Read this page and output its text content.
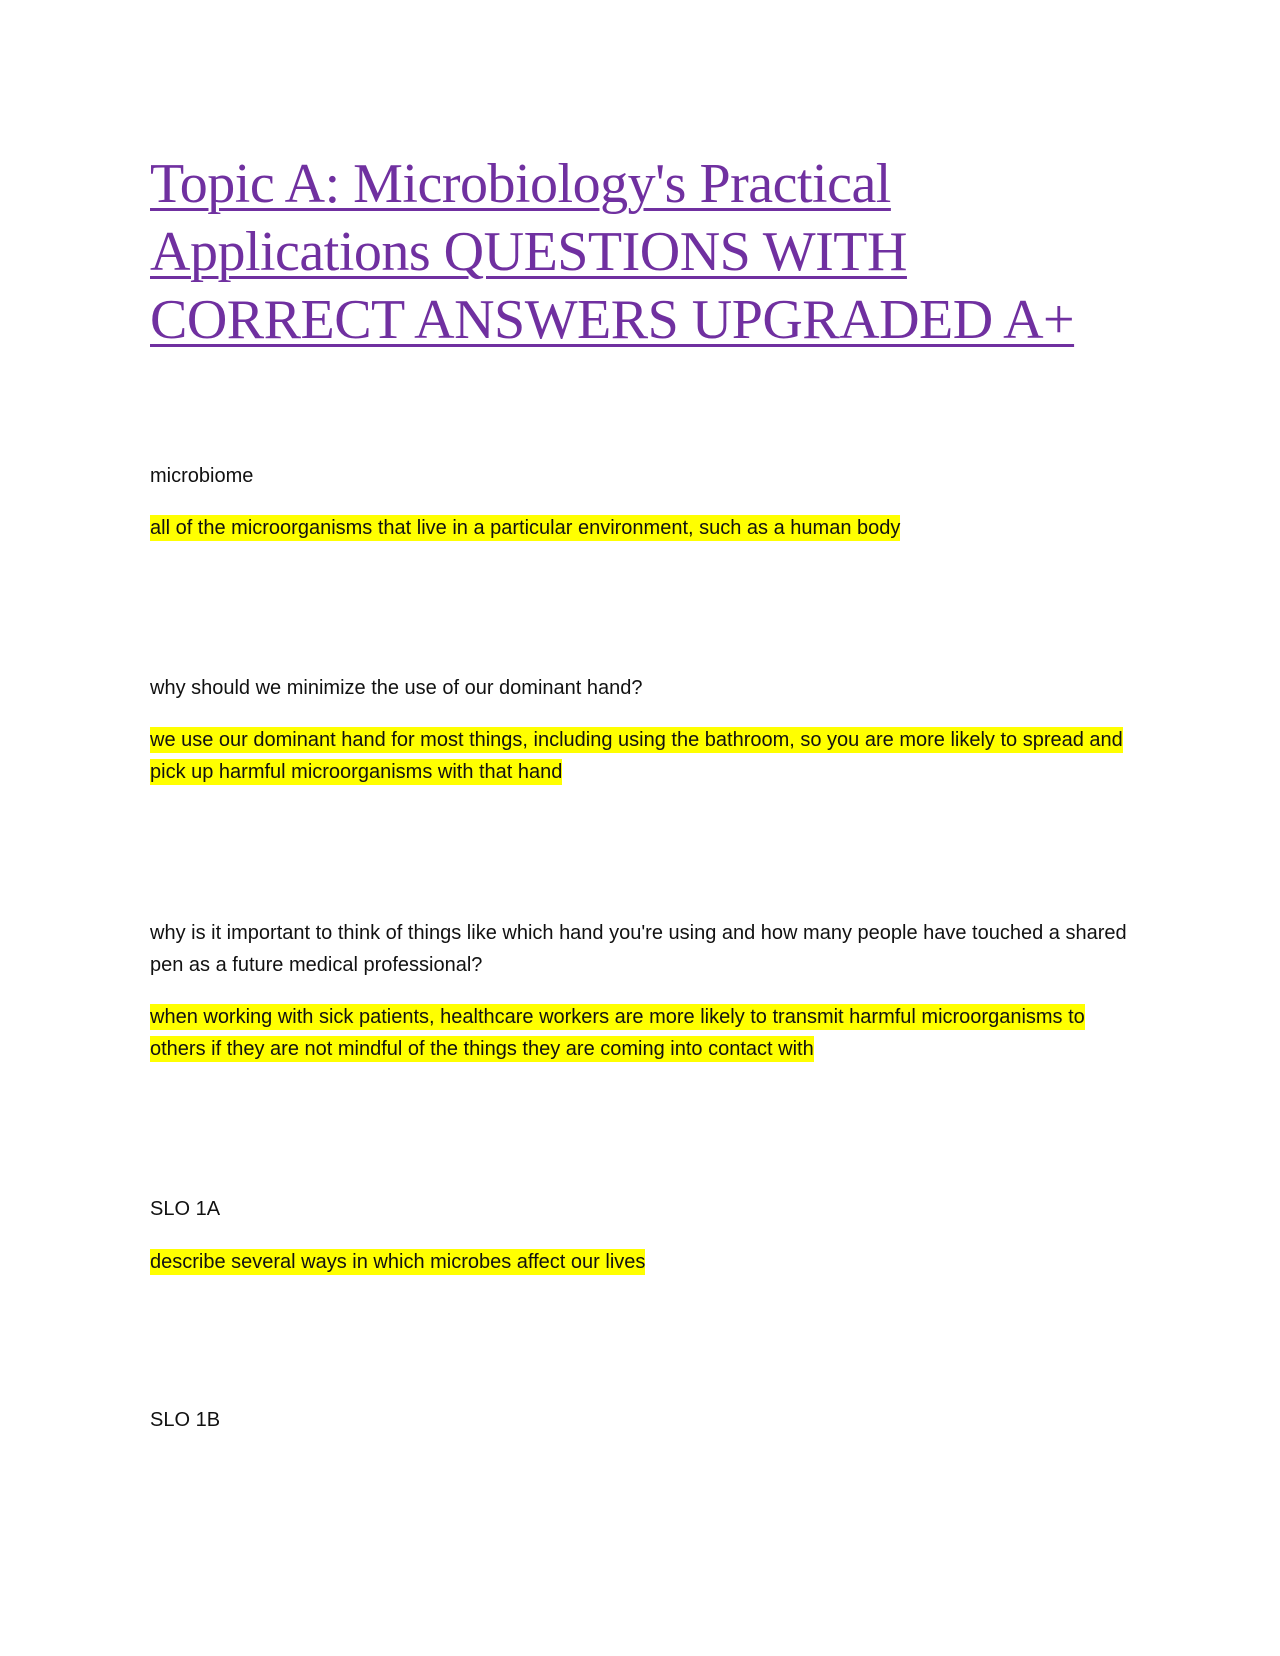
Topic A: Microbiology's Practical Applications QUESTIONS WITH CORRECT ANSWERS UPGRADED A+

microbiome

all of the microorganisms that live in a particular environment, such as a human body

why should we minimize the use of our dominant hand?

we use our dominant hand for most things, including using the bathroom, so you are more likely to spread and pick up harmful microorganisms with that hand

why is it important to think of things like which hand you're using and how many people have touched a shared pen as a future medical professional?

when working with sick patients, healthcare workers are more likely to transmit harmful microorganisms to others if they are not mindful of the things they are coming into contact with

SLO 1A

describe several ways in which microbes affect our lives

SLO 1B
